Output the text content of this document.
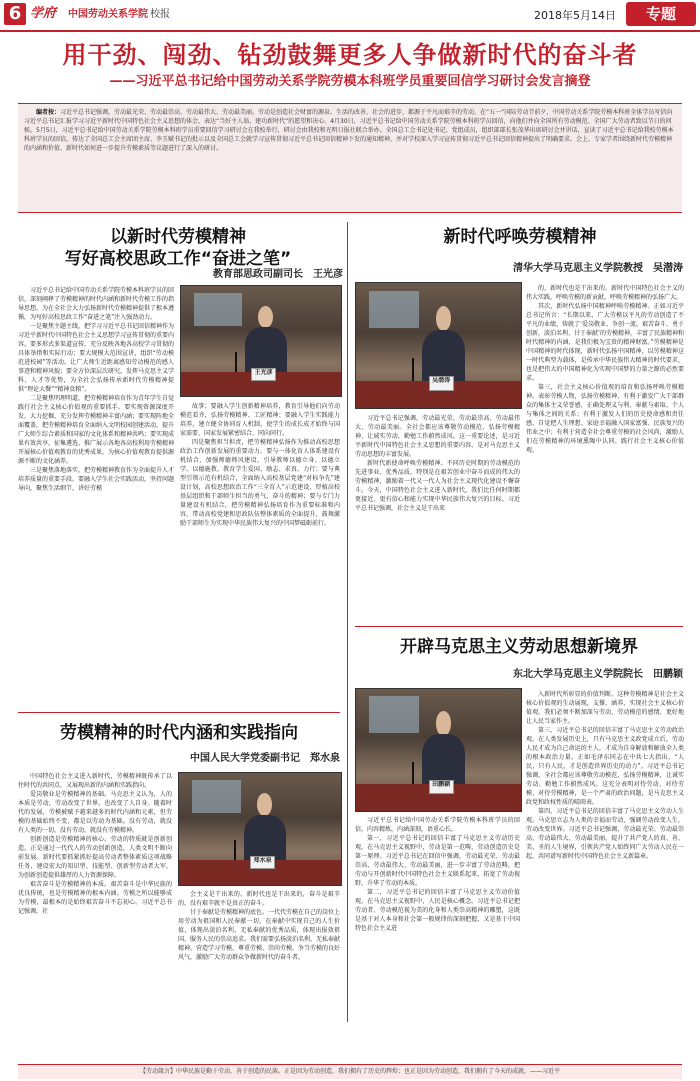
6 学府 中国劳动关系学院 校报	2018年5月14日	专题
用干劲、闯劲、钻劲鼓舞更多人争做新时代的奋斗者
——习近平总书记给中国劳动关系学院劳模本科班学员重要回信学习研讨会发言摘登
编者按：习近平总书记强调，劳动最光荣、劳动最崇高、劳动最伟大、劳动最美丽。劳动是创造社会财富的源泉。生活的改善、社会的进步，都源于平凡而艰辛的劳动。在“五一”国际劳动节前夕，中国劳动关系学院劳模本科班全体学员写信向习近平总书记汇报学习习近平新时代中国特色社会主义思想的体会，表达“当好主人翁、建功新时代”的愿望和决心。4月30日，习近平总书记给中国劳动关系学院劳模本科班学员回信，向他们并向全国所有劳动模范、全国广大劳动者致以节日的问候。5月5日，习近平总书记给中国劳动关系学院劳模本科班学员重要回信学习研讨会在我校举行，研讨会由我校和光明日报社联合举办。全国总工会书记处书记、党组成员，组织部部长张茂华出席研讨会并讲话，宣读了习近平总书记给我校劳模本科班学员的回信，传达了全国总工会主席团主席、李玉赋书记的批示以及全国总工会就学习宣传贯彻习近平总书记回信精神下发的通知精神，并对学校深入学习宣传贯彻习近平总书记回信精神提出了明确要求。会上，专家学者围绕新时代劳模精神的内涵和价值、新时代如何进一步提升劳模素质等议题进行了深入的研讨。
以新时代劳模精神
写好高校思政工作“奋进之笔”
教育部思政司副司长　王光彦
王光彦

习近平总书记给中国劳动关系学院劳模本科班学员的回信，深刻阐释了劳模精神的时代内涵和新时代劳模工作的指导思想，为在全社会大力弘扬新时代劳模精神提供了根本遵循，为写好高校思政工作“奋进之笔”注入强劲动力。

一是聚焦主题主线，把学习习近平总书记回信精神作为习近平新时代中国特色社会主义思想学习宣传贯彻的重要内容。要多形式多渠道宣传，充分反映各地各高校学习贯彻的具体举措和实际行动；要大规模大范围宣讲，组织“劳动模范进校园”等活动，让广大师生近距离感知劳动模范的感人事迹和精神风貌；要全方位深层次研究，发挥马克思主义学科、人才等优势，为全社会弘扬传承新时代劳模精神提供“理论大餐”“精神食粮”。

二是聚焦明理明道，把劳模精神培育作为青年学生自觉践行社会主义核心价值观的重要抓手。要实现资源深度开发，大力挖掘、充分发挥劳模精神丰富内涵；要实现阵地全面覆盖，把劳模精神培育全面纳入文明校园创建活动，提升广大师生综合素质和国家的文化体系和精神共鸣；要实现成果有效共享，征集遴选、推广展示各地各高校利用劳模精神开展核心价值观教育的优秀成果，为核心价值观教育提供源源不断的文化涵养。

三是聚焦落地落实，把劳模精神教育作为全面提升人才培养质量的重要手段。要融入学生社会实践活动，坚持问题导向，聚焦生活细节，讲好劳模

故事；要融入学生创新精神培养，教育引导他们向劳动模范看齐，弘扬劳模精神、工匠精神；要融入学生实践能力培养，建立健全协同育人机制，使学生的成长成才始终与国家需要、国家发展紧密结合、同向同行。

四是聚焦担当担责，把劳模精神弘扬作为推动高校思想政治工作创新发展的重要动力。要与一体化育人体系建设有机结合，加强师德师风建设，引导教师以德立身、以德立学、以德施教，教育学生爱国、励志、求真、力行；要与典型引领示范有机结合，全面纳入高校基层党建“对标争先”建设计划，高校思想政治工作“三全育人”示范建设，厚植高校基层组织和干部师生担当的勇气、奋斗的精神；要与专门力量建设有机结合，把劳模精神弘扬培育作为重要标准和内容，带动高校党建和思政队伍整体素质的全面提升，鼓舞激励干部师生为实现中华民族伟大复兴的中国梦砥砺前行。

新时代呼唤劳模精神
清华大学马克思主义学院教授　吴潜涛
吴潜涛

习近平总书记强调，劳动最光荣、劳动最崇高、劳动最伟大、劳动最美丽。全社会都应该尊敬劳动模范、弘扬劳模精神，让诚实劳动、勤勉工作蔚然成风。这一重要论述，是习近平新时代中国特色社会主义思想的重要内容，是对马克思主义劳动思想的丰富发展。

新时代新使命呼唤劳模精神。不同历史时期的劳动模范的先进事业、优秀品质，特别是在艰苦创业中奋斗而成的伟大的劳模精神，激励着一代又一代人为社会主义现代化建设不懈奋斗。今天，中国特色社会主义进入新时代，我们比任何时期都更接近、更有信心和能力实现中华民族伟大复兴的目标。习近平总书记强调，社会主义是干出来

的，新时代也是干出来的。新时代中国特色社会主义的伟大实践，呼唤劳模的新贡献，呼唤劳模精神的弘扬广大。

其次，新时代弘扬中国精神呼唤劳模精神。正如习近平总书记所言：“长期以来，广大劳模以平凡的劳动创造了不平凡的业绩，铸就了‘爱岗敬业、争创一流，艰苦奋斗、勇于创新，淡泊名利、甘于奉献’的劳模精神，丰富了民族精神和时代精神的内涵，是我们极为宝贵的精神财富。”劳模精神是中国精神的时代体现，新时代弘扬中国精神，以劳模精神这一时代典型为载体，是传承中华民族伟大精神的时代要求，也是把伟大的中国精神化为实现中国梦的力量之源的必然要求。

第三，社会主义核心价值观的培育和弘扬呼唤劳模精神。表彰劳模人物，弘扬劳模精神，有利于激发广大干部群众的集体主义荣誉感，正确处理义与利、奉献与索取、个人与集体之间的关系；有利于激发人们的历史使命感和责任感，自觉把人生理想、家庭幸福融入国家富强、民族复兴的伟业之中；有利于营造全社会尊重劳模的社会风尚，激励人们在劳模精神的环境熏陶中认同、践行社会主义核心价值观。

劳模精神的时代内涵和实践指向
中国人民大学党委副书记　郑水泉
郑水泉

中国特色社会主义进入新时代，劳模精神既传承了以往时代的共同点，又展现出新的内涵和实践指向。

爱岗敬业是劳模精神的基础。马克思主义认为，人的本质是劳动，劳动改变了世界，也改变了人自身。随着时代的发展，劳模被赋予越来越多的时代内涵和元素，但劳模的基础始终不变，都是以劳动为基础。没有劳动，就没有人类的一切，没有劳动，就没有劳模精神。

创新创造是劳模精神的核心。劳动的特质就是创新创造。正是通过一代代人的劳动创新创造，人类文明不断向前发展。新时代要抓紧抓好提高劳动者整体素质这项战略任务，建设宏大的知识型、技能型、创新型劳动者大军，为创新创造提供雄厚的人力资源保障。

艰苦奋斗是劳模精神的本质。艰苦奋斗是中华民族的优良传统，也是劳模精神的根本内涵。劳模之所以能够成为劳模，最根本的是始终艰苦奋斗不忘初心。习近平总书记强调，社

会主义是干出来的，新时代也是干出来的，奋斗是艰辛的，没有艰辛就不是真正的奋斗。

甘于奉献是劳模精神的底色。一代代劳模在自己的岗位上用劳动为祖国和人民奉献一切，在奉献中实现自己的人生价值，体现出淡泊名利、无私奉献的优秀品质，体现出报效祖国、服务人民的崇高追求。我们需要弘扬淡泊名利、无私奉献精神，营造学习劳模、尊重劳模、崇尚劳模、争当劳模的良好风气，激励广大劳动群众争做新时代的奋斗者。

开辟马克思主义劳动思想新境界
东北大学马克思主义学院院长　田鹏颖
田鹏颖

习近平总书记给中国劳动关系学院劳模本科班学员的回信，内容精炼，内涵深刻，语重心长。

第一，习近平总书记的回信丰富了马克思主义劳动历史观。在马克思主义视野中，劳动是第一范畴，劳动创造历史是第一原理。习近平总书记在回信中强调，劳动最光荣、劳动最崇高、劳动最伟大、劳动最美丽，进一步丰富了劳动范畴，把劳动与开创新时代中国特色社会主义联系起来，拓宽了劳动视野，升华了劳动的本质。

第二，习近平总书记的回信丰富了马克思主义劳动价值观。在马克思主义视野中，人民是核心概念。习近平总书记把劳动者、劳动模范视为美的化身和人类崇高精神的雕塑，这既是基于对人本身和社会第一般规律的深刻把握，又是基于中国特色社会主义进

入新时代所彰显的价值判断。这种劳模精神是社会主义核心价值观的生动展现，支撑、涵养、实现社会主义核心价值观。我们必须不断加深与劳动、劳动模范的感情，更好地让人民当家作主。

第三，习近平总书记的回信丰富了马克思主义劳动政治观。在人类发展历史上，只有马克思主义政党成立后，劳动人民才成为自己命运的主人，才成为自身解放和解放全人类的根本政治力量。正如毛泽东同志在中共七大指出，“人民，只有人民，才是创造世界历史的动力”。习近平总书记强调，全社会都应该尊敬劳动模范、弘扬劳模精神，让诚实劳动、勤勉工作蔚然成风。这充分表明对待劳动、对待劳模、对待劳模精神，是一个严肃的政治问题，是马克思主义政党和政权性质的晴雨表。

第四，习近平总书记的回信丰富了马克思主义劳动人生观。马克思立志为人类的幸福而劳动，强调劳动改变人生，劳动改变世界。习近平总书记强调，劳动最光荣、劳动最崇高、劳动最伟大、劳动最美丽。提升了共产党人的真、善、美、圣的人生境界，引领共产党人始终同广大劳动人民在一起，共同谱写新时代中国特色社会主义新篇章。

【劳动箴言】中华民族是勤于劳动、善于创造的民族。正是因为劳动创造，我们拥有了历史的辉煌；也正是因为劳动创造，我们拥有了今天的成就。——习近平
